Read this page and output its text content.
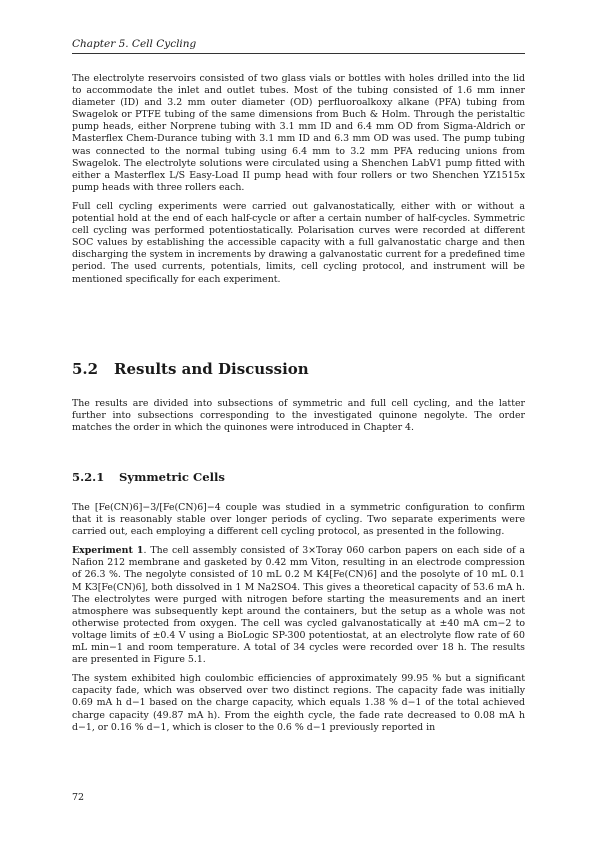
Chapter 5. Cell Cycling

The electrolyte reservoirs consisted of two glass vials or bottles with holes drilled into the lid to accommodate the inlet and outlet tubes. Most of the tubing consisted of 1.6 mm inner diameter (ID) and 3.2 mm outer diameter (OD) perfluoroalkoxy alkane (PFA) tubing from Swagelok or PTFE tubing of the same dimensions from Buch & Holm. Through the peristaltic pump heads, either Norprene tubing with 3.1 mm ID and 6.4 mm OD from Sigma-Aldrich or Masterflex Chem-Durance tubing with 3.1 mm ID and 6.3 mm OD was used. The pump tubing was connected to the normal tubing using 6.4 mm to 3.2 mm PFA reducing unions from Swagelok. The electrolyte solutions were circulated using a Shenchen LabV1 pump fitted with either a Masterflex L/S Easy-Load II pump head with four rollers or two Shenchen YZ1515x pump heads with three rollers each.

Full cell cycling experiments were carried out galvanostatically, either with or without a potential hold at the end of each half-cycle or after a certain number of half-cycles. Symmetric cell cycling was performed potentiostatically. Polarisation curves were recorded at different SOC values by establishing the accessible capacity with a full galvanostatic charge and then discharging the system in increments by drawing a galvanostatic current for a predefined time period. The used currents, potentials, limits, cell cycling protocol, and instrument will be mentioned specifically for each experiment.

5.2 Results and Discussion

The results are divided into subsections of symmetric and full cell cycling, and the latter further into subsections corresponding to the investigated quinone negolyte. The order matches the order in which the quinones were introduced in Chapter 4.

5.2.1 Symmetric Cells

The [Fe(CN)6]−3/[Fe(CN)6]−4 couple was studied in a symmetric configuration to confirm that it is reasonably stable over longer periods of cycling. Two separate experiments were carried out, each employing a different cell cycling protocol, as presented in the following.

Experiment 1. The cell assembly consisted of 3×Toray 060 carbon papers on each side of a Nafion 212 membrane and gasketed by 0.42 mm Viton, resulting in an electrode compression of 26.3 %. The negolyte consisted of 10 mL 0.2 M K4[Fe(CN)6] and the posolyte of 10 mL 0.1 M K3[Fe(CN)6], both dissolved in 1 M Na2SO4. This gives a theoretical capacity of 53.6 mA h. The electrolytes were purged with nitrogen before starting the measurements and an inert atmosphere was subsequently kept around the containers, but the setup as a whole was not otherwise protected from oxygen. The cell was cycled galvanostatically at ±40 mA cm−2 to voltage limits of ±0.4 V using a BioLogic SP-300 potentiostat, at an electrolyte flow rate of 60 mL min−1 and room temperature. A total of 34 cycles were recorded over 18 h. The results are presented in Figure 5.1.

The system exhibited high coulombic efficiencies of approximately 99.95 % but a significant capacity fade, which was observed over two distinct regions. The capacity fade was initially 0.69 mA h d−1 based on the charge capacity, which equals 1.38 % d−1 of the total achieved charge capacity (49.87 mA h). From the eighth cycle, the fade rate decreased to 0.08 mA h d−1, or 0.16 % d−1, which is closer to the 0.6 % d−1 previously reported in

72
